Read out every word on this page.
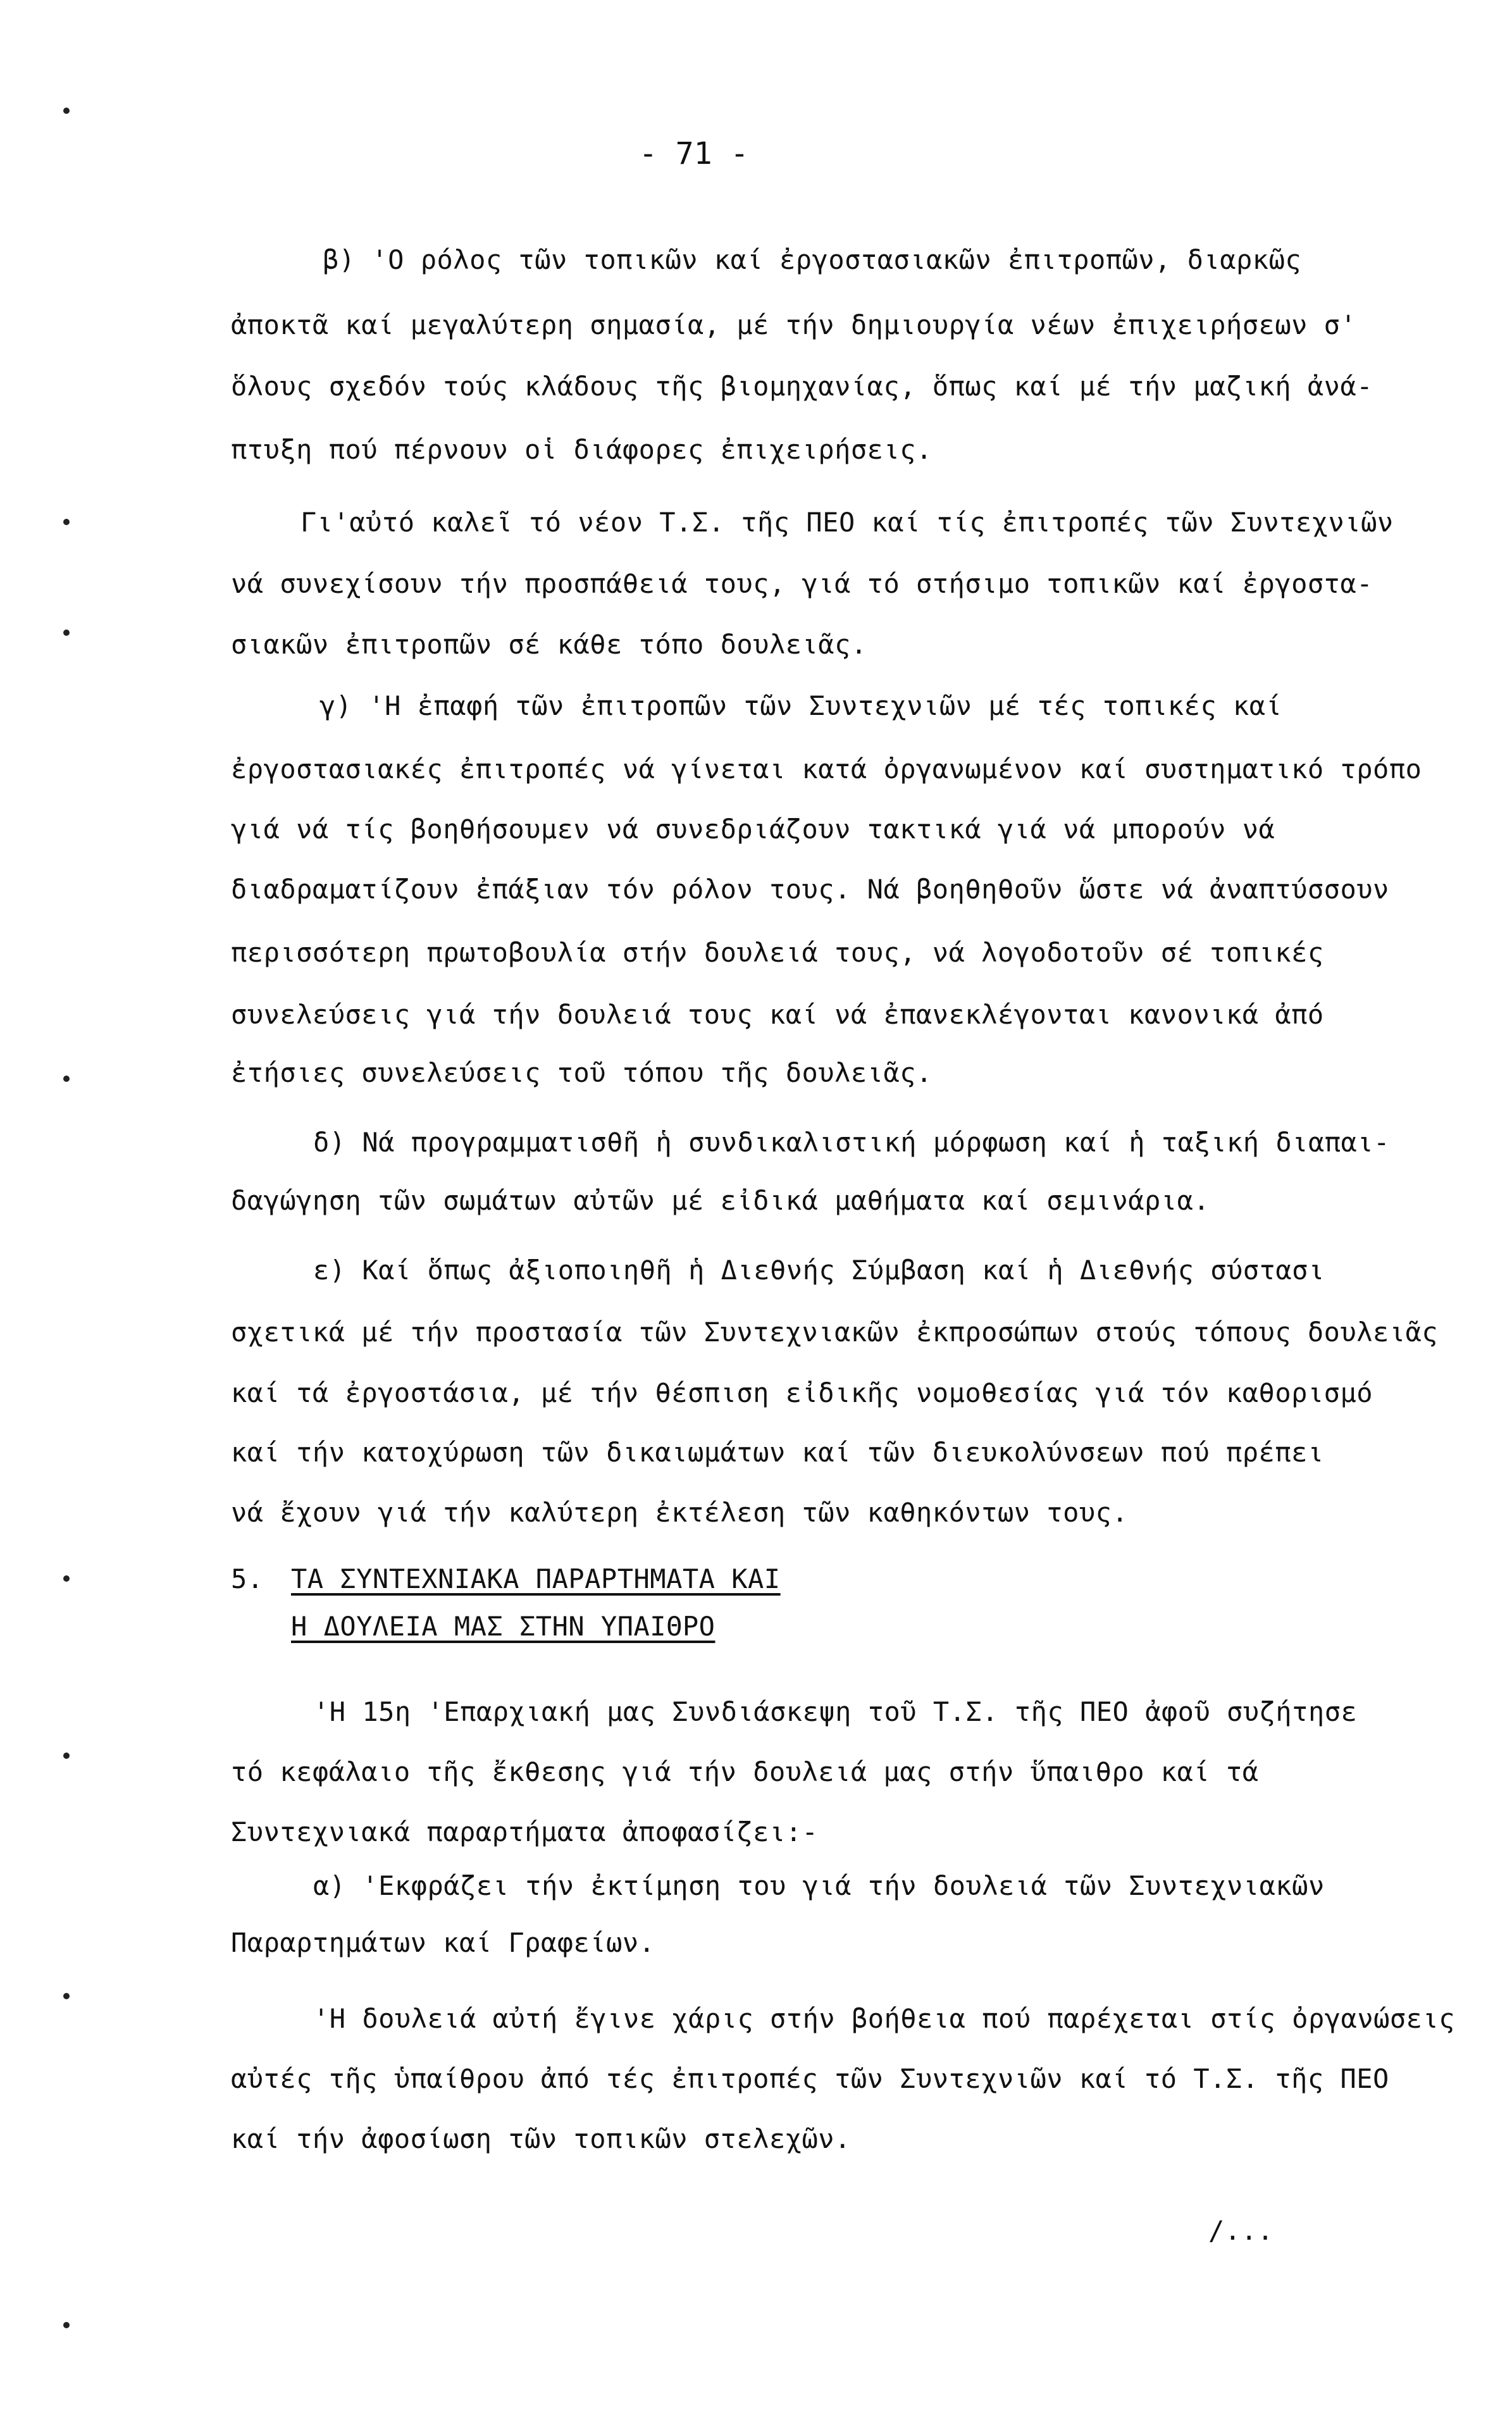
- 71 -
β) 'Ο ρόλος τῶν τοπικῶν καί ἐργοστασιακῶν ἐπιτροπῶν, διαρκῶς
ἀποκτᾶ καί μεγαλύτερη σημασία, μέ τήν δημιουργία νέων ἐπιχειρήσεων σ'
ὅλους σχεδόν τούς κλάδους τῆς βιομηχανίας, ὅπως καί μέ τήν μαζική ἀνά-
πτυξη πού πέρνουν οἱ διάφορες ἐπιχειρήσεις.
Γι'αὐτό καλεῖ τό νέον Τ.Σ. τῆς ΠΕΟ καί τίς ἐπιτροπές τῶν Συντεχνιῶν
νά συνεχίσουν τήν προσπάθειά τους, γιά τό στήσιμο τοπικῶν καί ἐργοστα-
σιακῶν ἐπιτροπῶν σέ κάθε τόπο δουλειᾶς.
γ) 'Η ἐπαφή τῶν ἐπιτροπῶν τῶν Συντεχνιῶν μέ τές τοπικές καί
ἐργοστασιακές ἐπιτροπές νά γίνεται κατά ὀργανωμένον καί συστηματικό τρόπο
γιά νά τίς βοηθήσουμεν νά συνεδριάζουν τακτικά γιά νά μπορούν νά
διαδραματίζουν ἐπάξιαν τόν ρόλον τους. Νά βοηθηθοῦν ὥστε νά ἀναπτύσσουν
περισσότερη πρωτοβουλία στήν δουλειά τους, νά λογοδοτοῦν σέ τοπικές
συνελεύσεις γιά τήν δουλειά τους καί νά ἐπανεκλέγονται κανονικά ἀπό
ἐτήσιες συνελεύσεις τοῦ τόπου τῆς δουλειᾶς.
δ) Νά προγραμματισθῆ ἡ συνδικαλιστική μόρφωση καί ἡ ταξική διαπαι-
δαγώγηση τῶν σωμάτων αὐτῶν μέ εἰδικά μαθήματα καί σεμινάρια.
ε) Καί ὅπως ἀξιοποιηθῆ ἡ Διεθνής Σύμβαση καί ἡ Διεθνής σύστασι
σχετικά μέ τήν προστασία τῶν Συντεχνιακῶν ἐκπροσώπων στούς τόπους δουλειᾶς
καί τά ἐργοστάσια, μέ τήν θέσπιση εἰδικῆς νομοθεσίας γιά τόν καθορισμό
καί τήν κατοχύρωση τῶν δικαιωμάτων καί τῶν διευκολύνσεων πού πρέπει
νά ἔχουν γιά τήν καλύτερη ἐκτέλεση τῶν καθηκόντων τους.
5. ΤΑ ΣΥΝΤΕΧΝΙΑΚΑ ΠΑΡΑΡΤΗΜΑΤΑ ΚΑΙ
Η ΔΟΥΛΕΙΑ ΜΑΣ ΣΤΗΝ ΥΠΑΙΘΡΟ
'Η 15η 'Επαρχιακή μας Συνδιάσκεψη τοῦ Τ.Σ. τῆς ΠΕΟ ἀφοῦ συζήτησε
τό κεφάλαιο τῆς ἔκθεσης γιά τήν δουλειά μας στήν ὕπαιθρο καί τά
Συντεχνιακά παραρτήματα ἀποφασίζει:-
α) 'Εκφράζει τήν ἐκτίμηση του γιά τήν δουλειά τῶν Συντεχνιακῶν
Παραρτημάτων καί Γραφείων.
'Η δουλειά αὐτή ἔγινε χάρις στήν βοήθεια πού παρέχεται στίς ὀργανώσεις
αὐτές τῆς ὑπαίθρου ἀπό τές ἐπιτροπές τῶν Συντεχνιῶν καί τό Τ.Σ. τῆς ΠΕΟ
καί τήν ἀφοσίωση τῶν τοπικῶν στελεχῶν.
/...
